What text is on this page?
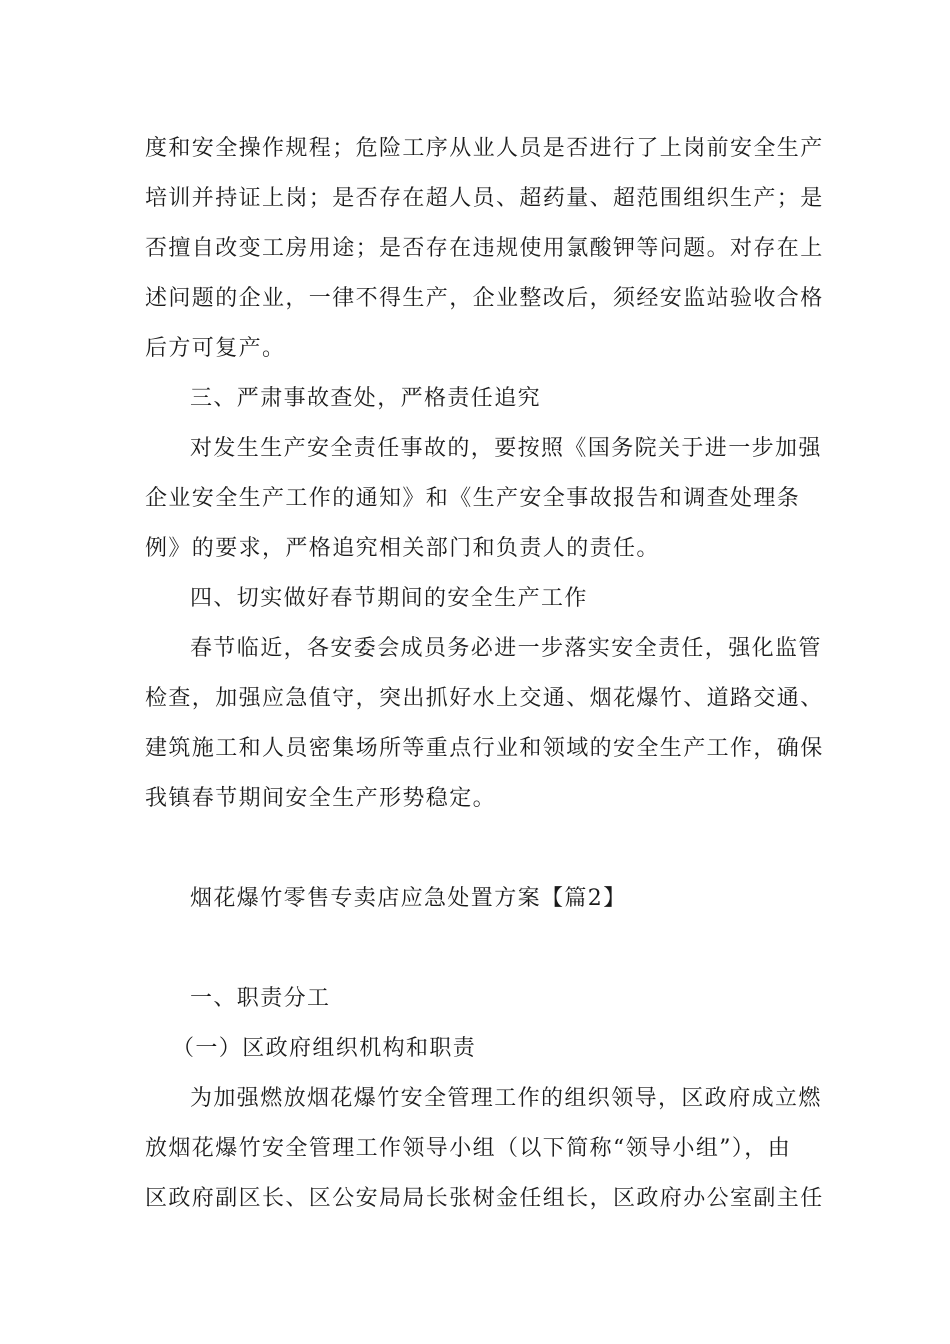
度和安全操作规程；危险工序从业人员是否进行了上岗前安全生产
培训并持证上岗；是否存在超人员、超药量、超范围组织生产；是
否擅自改变工房用途；是否存在违规使用氯酸钾等问题。对存在上
述问题的企业，一律不得生产，企业整改后，须经安监站验收合格
后方可复产。
三、严肃事故查处，严格责任追究
对发生生产安全责任事故的，要按照《国务院关于进一步加强
企业安全生产工作的通知》和《生产安全事故报告和调查处理条
例》的要求，严格追究相关部门和负责人的责任。
四、切实做好春节期间的安全生产工作
春节临近，各安委会成员务必进一步落实安全责任，强化监管
检查，加强应急值守，突出抓好水上交通、烟花爆竹、道路交通、
建筑施工和人员密集场所等重点行业和领域的安全生产工作，确保
我镇春节期间安全生产形势稳定。
烟花爆竹零售专卖店应急处置方案【篇2】
一、职责分工
（一）区政府组织机构和职责
为加强燃放烟花爆竹安全管理工作的组织领导，区政府成立燃
放烟花爆竹安全管理工作领导小组（以下简称“领导小组”），由
区政府副区长、区公安局局长张树金任组长，区政府办公室副主任
